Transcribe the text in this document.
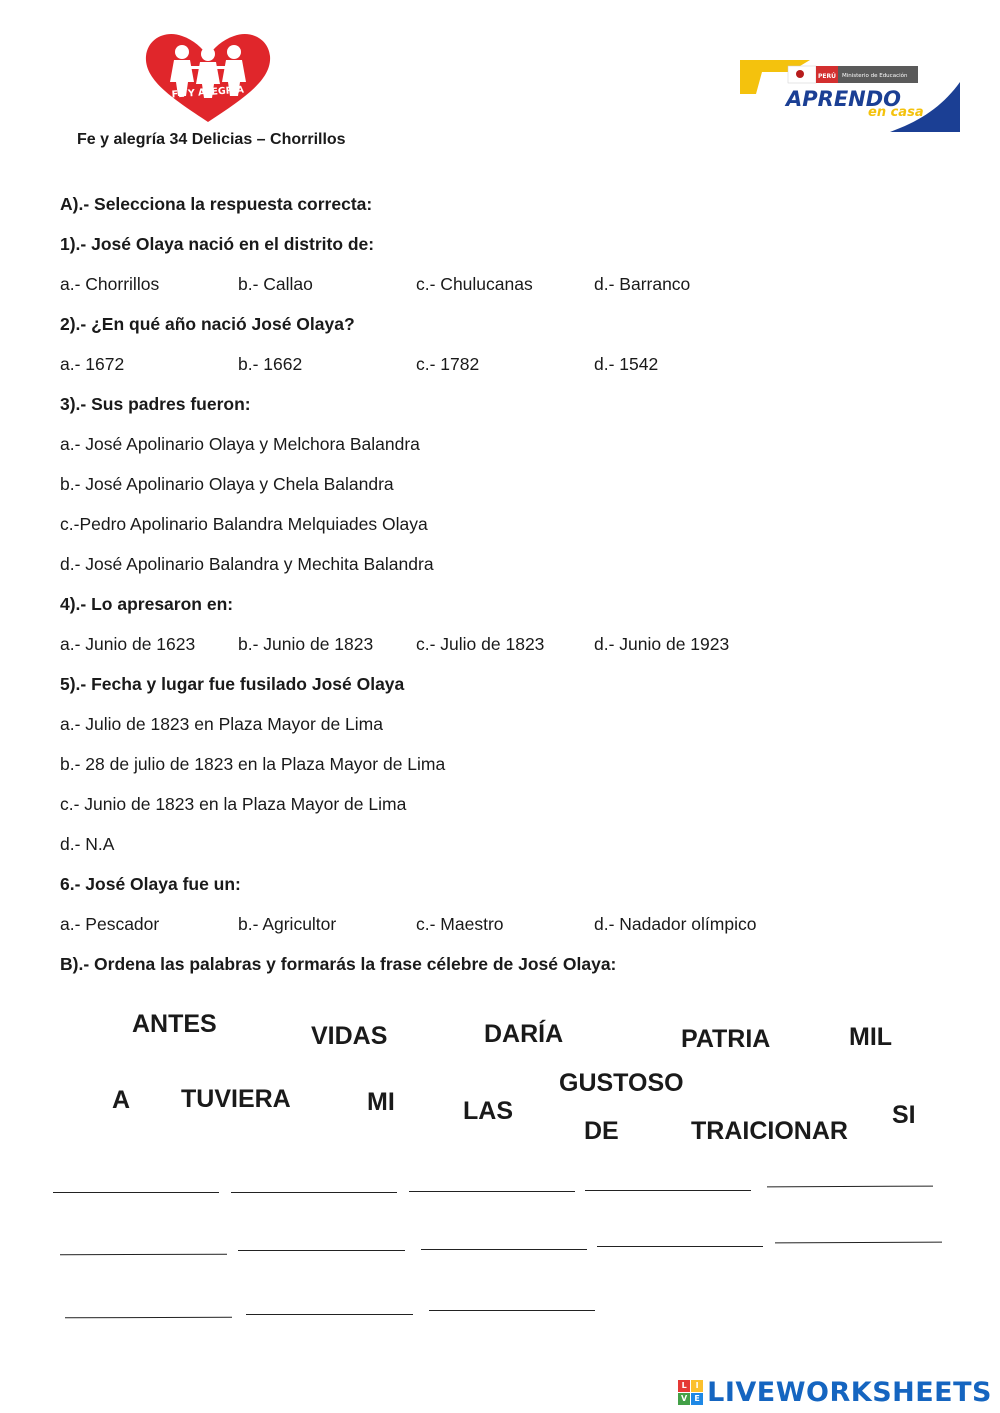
FE Y ALEGRÍA
PERÚ Ministerio de Educación
APRENDO
en casa
Fe y alegría 34 Delicias – Chorrillos
A).- Selecciona la respuesta correcta:
1).- José Olaya nació en el distrito de:
a.- Chorrillos	b.- Callao	c.- Chulucanas	d.- Barranco
2).- ¿En qué año nació José Olaya?
a.- 1672	b.- 1662	c.- 1782	d.- 1542
3).- Sus padres fueron:
a.- José Apolinario Olaya y Melchora Balandra
b.- José Apolinario Olaya y Chela Balandra
c.-Pedro Apolinario Balandra Melquiades Olaya
d.- José Apolinario Balandra y Mechita Balandra
4).- Lo apresaron en:
a.- Junio de 1623 b.- Junio de 1823 c.- Julio de 1823	d.- Junio de 1923
5).- Fecha y lugar fue fusilado José Olaya
a.- Julio de 1823 en Plaza Mayor de Lima
b.- 28 de julio de 1823 en la Plaza Mayor de Lima
c.- Junio de 1823 en la Plaza Mayor de Lima
d.- N.A
6.- José Olaya fue un:
a.- Pescador	b.- Agricultor	c.- Maestro	d.- Nadador olímpico
B).- Ordena las palabras y formarás la frase célebre de José Olaya:
ANTES	VIDAS	DARÍA	PATRIA	MIL
A TUVIERA	MI	LAS
GUSTOSO
DE	TRAICIONAR
SI
L	I
V E LIVEWORKSHEETS
